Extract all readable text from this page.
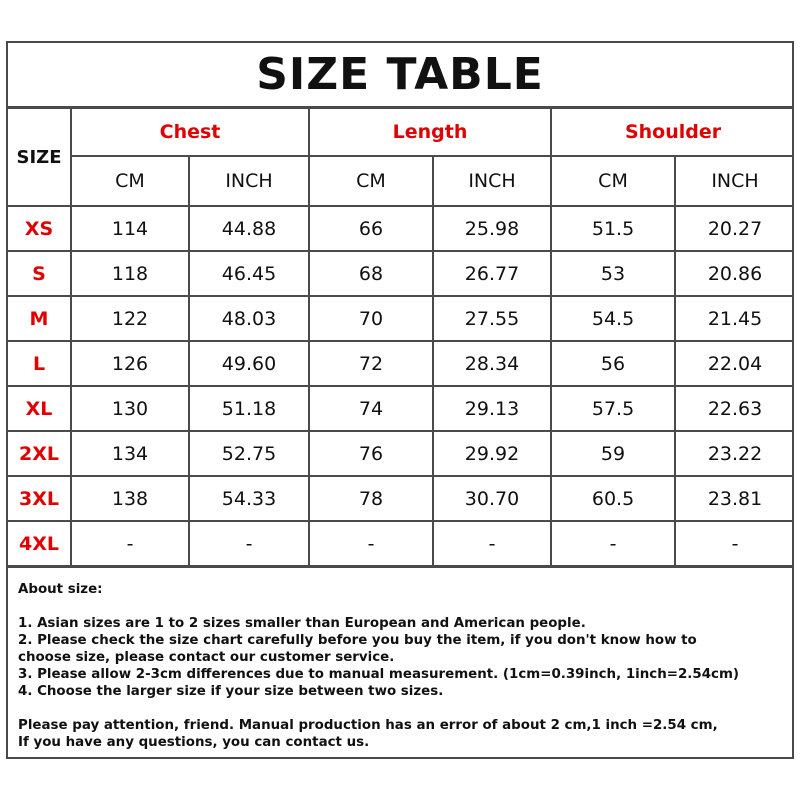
SIZE TABLE
SIZE	Chest		Length		Shoulder	
	CM	INCH	CM	INCH	CM	INCH
XS	114	44.88	66	25.98	51.5	20.27
S	118	46.45	68	26.77	53	20.86
M	122	48.03	70	27.55	54.5	21.45
L	126	49.60	72	28.34	56	22.04
XL	130	51.18	74	29.13	57.5	22.63
2XL	134	52.75	76	29.92	59	23.22
3XL	138	54.33	78	30.70	60.5	23.81
4XL	-	-	-	-	-	-

About size:

1. Asian sizes are 1 to 2 sizes smaller than European and American people.

2. Please check the size chart carefully before you buy the item, if you don't know how to

choose size, please contact our customer service.

3. Please allow 2-3cm differences due to manual measurement. (1cm=0.39inch, 1inch=2.54cm)

4. Choose the larger size if your size between two sizes.

Please pay attention, friend. Manual production has an error of about 2 cm,1 inch =2.54 cm,

If you have any questions, you can contact us.
